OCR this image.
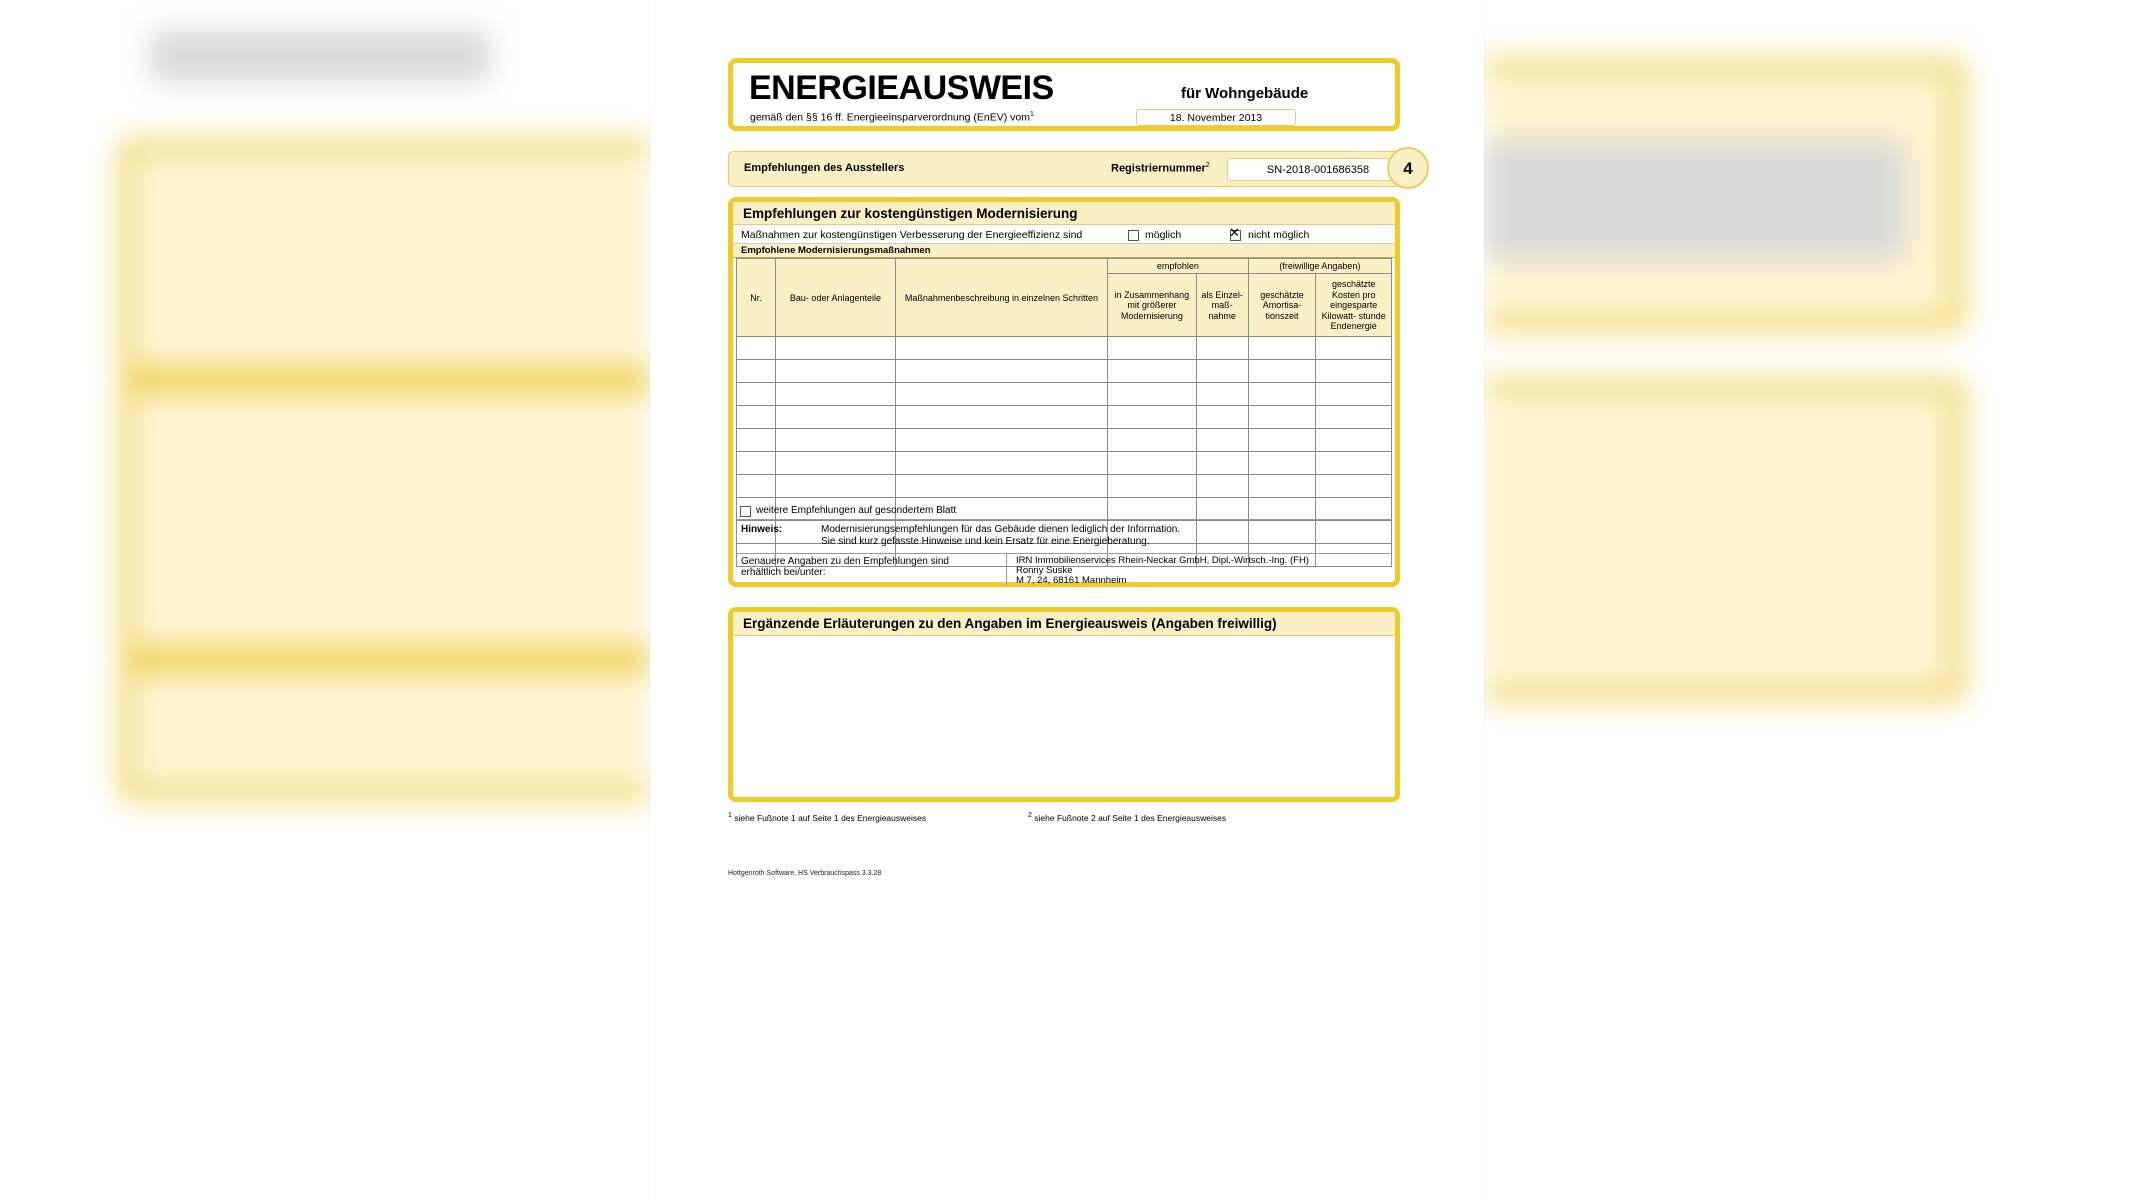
ENERGIEAUSWEIS	für Wohngebäude
gemäß den §§ 16 ff. Energieeinsparverordnung (EnEV) vom$^1$	18. November 2013
Empfehlungen des Ausstellers	Registriernummer$^2$	SN-2018-001686358	4
Empfehlungen zur kostengünstigen Modernisierung
Maßnahmen zur kostengünstigen Verbesserung der Energieeffizienz sind	möglich ✕	nicht möglich
Empfohlene Modernisierungsmaßnahmen
Nr.	Bau- oder Anlagenteile	Maßnahmenbeschreibung in einzelnen Schritten	empfohlen		(freiwillige Angaben)	
			in Zusammenhang mit größerer Modernisierung	als Einzel- maß- nahme	geschätzte Amortisa- tionszeit	geschätzte Kosten pro eingesparte Kilowatt- stunde Endenergie

weitere Empfehlungen auf gesondertem Blatt
Hinweis:	Modernisierungsempfehlungen für das Gebäude dienen lediglich der Information.
Sie sind kurz gefasste Hinweise und kein Ersatz für eine Energieberatung.
Genauere Angaben zu den Empfehlungen sind
erhältlich bei/unter:
IRN Immobilienservices Rhein-Neckar GmbH, Dipl.-Wirtsch.-Ing. (FH)
Ronny Suske
M 7, 24, 68161 Mannheim
Ergänzende Erläuterungen zu den Angaben im Energieausweis (Angaben freiwillig)
$^1$ siehe Fußnote 1 auf Seite 1 des Energieausweises	$^2$ siehe Fußnote 2 auf Seite 1 des Energieausweises
Hottgenroth Software, HS Verbrauchspass 3.3.28
